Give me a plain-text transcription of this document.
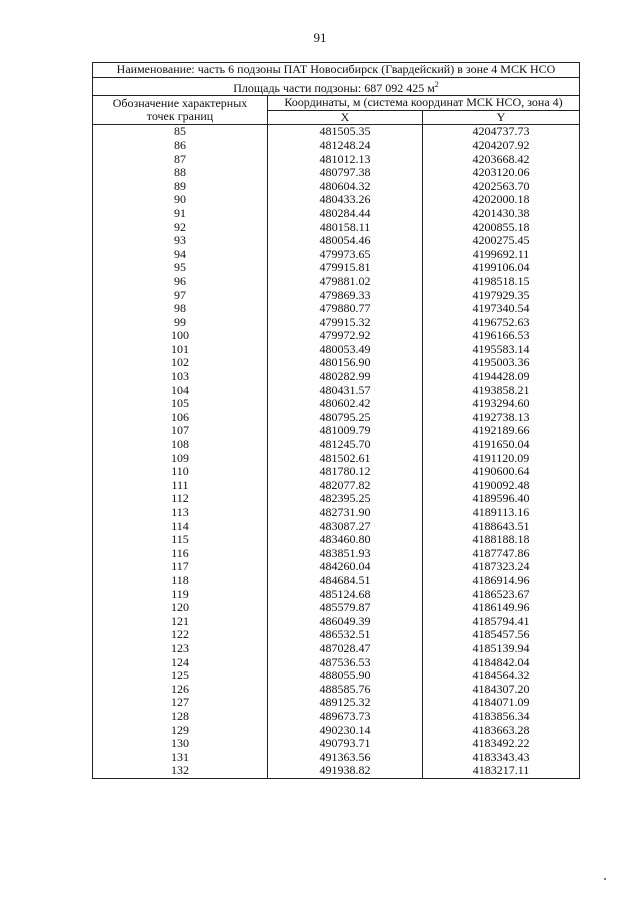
91
Наименование: часть 6 подзоны ПАТ Новосибирск (Гвардейский) в зоне 4 МСК НСО		
Площадь части подзоны: 687 092 425 $м^2$

Обозначение характерных
точек границ	Координаты, м (система координат МСК НСО, зона 4)	
	X	Y
85	481505.35	4204737.73
86	481248.24	4204207.92
87	481012.13	4203668.42
88	480797.38	4203120.06
89	480604.32	4202563.70
90	480433.26	4202000.18
91	480284.44	4201430.38
92	480158.11	4200855.18
93	480054.46	4200275.45
94	479973.65	4199692.11
95	479915.81	4199106.04
96	479881.02	4198518.15
97	479869.33	4197929.35
98	479880.77	4197340.54
99	479915.32	4196752.63
100	479972.92	4196166.53
101	480053.49	4195583.14
102	480156.90	4195003.36
103	480282.99	4194428.09
104	480431.57	4193858.21
105	480602.42	4193294.60
106	480795.25	4192738.13
107	481009.79	4192189.66
108	481245.70	4191650.04
109	481502.61	4191120.09
110	481780.12	4190600.64
111	482077.82	4190092.48
112	482395.25	4189596.40
113	482731.90	4189113.16
114	483087.27	4188643.51
115	483460.80	4188188.18
116	483851.93	4187747.86
117	484260.04	4187323.24
118	484684.51	4186914.96
119	485124.68	4186523.67
120	485579.87	4186149.96
121	486049.39	4185794.41
122	486532.51	4185457.56
123	487028.47	4185139.94
124	487536.53	4184842.04
125	488055.90	4184564.32
126	488585.76	4184307.20
127	489125.32	4184071.09
128	489673.73	4183856.34
129	490230.14	4183663.28
130	490793.71	4183492.22
131	491363.56	4183343.43
132	491938.82	4183217.11
